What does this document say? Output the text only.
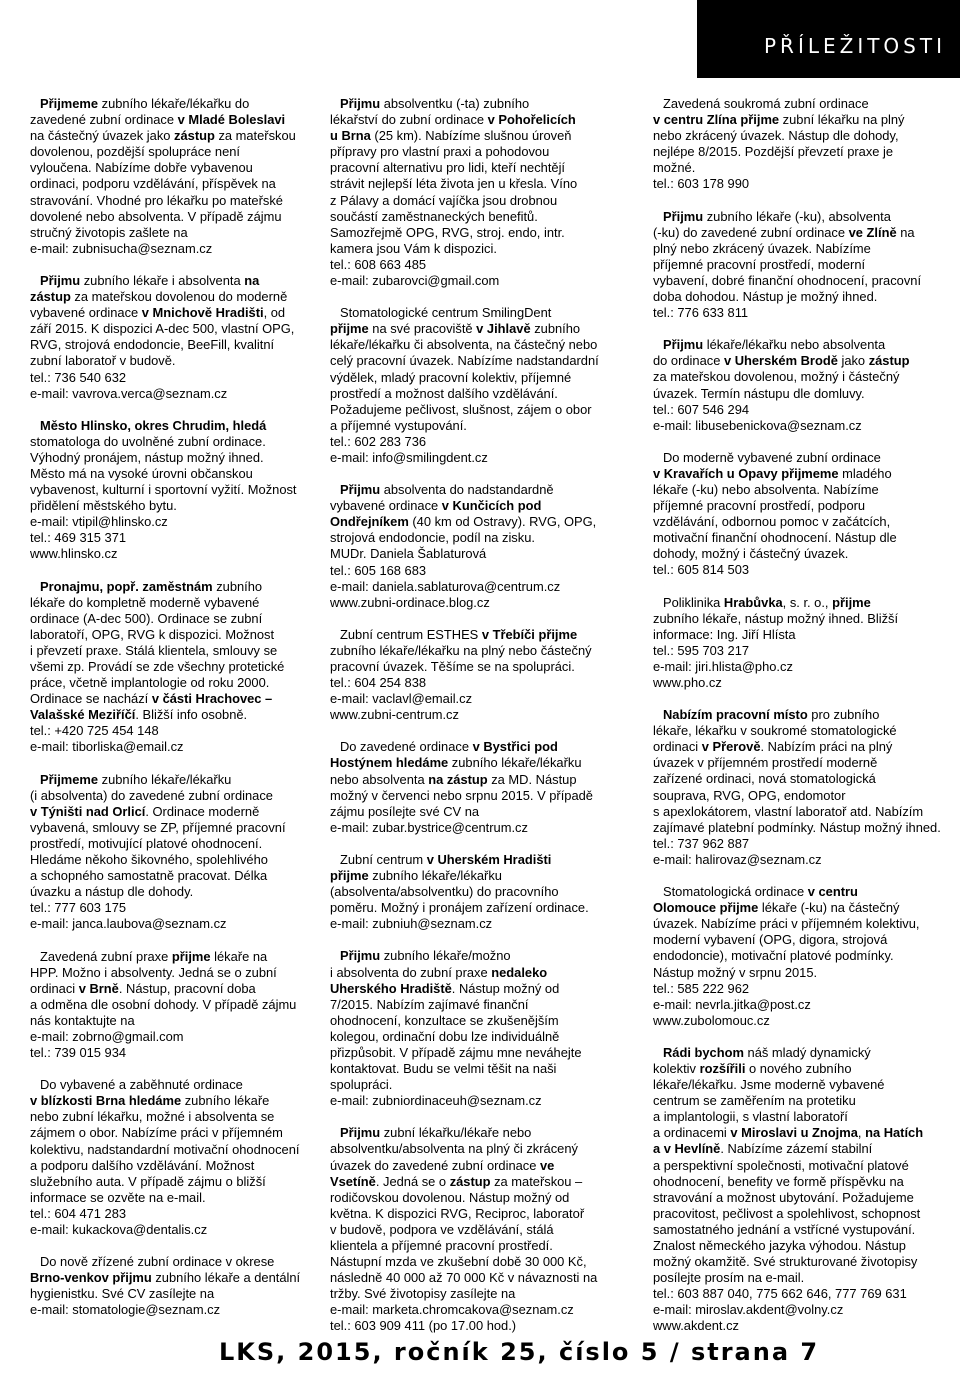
PŘÍLEŽITOSTI

Přijmeme zubního lékaře/lékařku do

zavedené zubní ordinace v Mladé Boleslavi

na částečný úvazek jako zástup za mateřskou

dovolenou, pozdější spolupráce není

vyloučena. Nabízíme dobře vybavenou

ordinaci, podporu vzdělávání, příspěvek na

stravování. Vhodné pro lékařku po mateřské

dovolené nebo absolventa. V případě zájmu

stručný životopis zašlete na

e-mail: zubnisucha@seznam.cz

Přijmu zubního lékaře i absolventa na

zástup za mateřskou dovolenou do moderně

vybavené ordinace v Mnichově Hradišti, od

září 2015. K dispozici A-dec 500, vlastní OPG,

RVG, strojová endodoncie, BeeFill, kvalitní

zubní laboratoř v budově.

tel.: 736 540 632

e-mail: vavrova.verca@seznam.cz

Město Hlinsko, okres Chrudim, hledá

stomatologa do uvolněné zubní ordinace.

Výhodný pronájem, nástup možný ihned.

Město má na vysoké úrovni občanskou

vybavenost, kulturní i sportovní vyžití. Možnost

přidělení městského bytu.

e-mail: vtipil@hlinsko.cz

tel.: 469 315 371

www.hlinsko.cz

Pronajmu, popř. zaměstnám zubního

lékaře do kompletně moderně vybavené

ordinace (A-dec 500). Ordinace se zubní

laboratoří, OPG, RVG k dispozici. Možnost

i převzetí praxe. Stálá klientela, smlouvy se

všemi zp. Provádí se zde všechny protetické

práce, včetně implantologie od roku 2000.

Ordinace se nachází v části Hrachovec –

Valašské Meziříčí. Bližší info osobně.

tel.: +420 725 454 148

e-mail: tiborliska@email.cz

Přijmeme zubního lékaře/lékařku

(i absolventa) do zavedené zubní ordinace

v Týništi nad Orlicí. Ordinace moderně

vybavená, smlouvy se ZP, příjemné pracovní

prostředí, motivující platové ohodnocení.

Hledáme někoho šikovného, spolehlivého

a schopného samostatně pracovat. Délka

úvazku a nástup dle dohody.

tel.: 777 603 175

e-mail: janca.laubova@seznam.cz

Zavedená zubní praxe přijme lékaře na

HPP. Možno i absolventy. Jedná se o zubní

ordinaci v Brně. Nástup, pracovní doba

a odměna dle osobní dohody. V případě zájmu

nás kontaktujte na

e-mail: zobrno@gmail.com

tel.: 739 015 934

Do vybavené a zaběhnuté ordinace

v blízkosti Brna hledáme zubního lékaře

nebo zubní lékařku, možné i absolventa se

zájmem o obor. Nabízíme práci v příjemném

kolektivu, nadstandardní motivační ohodnocení

a podporu dalšího vzdělávání. Možnost

služebního auta. V případě zájmu o bližší

informace se ozvěte na e-mail.

tel.: 604 471 283

e-mail: kukackova@dentalis.cz

Do nově zřízené zubní ordinace v okrese

Brno-venkov přijmu zubního lékaře a dentální

hygienistku. Své CV zasílejte na

e-mail: stomatologie@seznam.cz

Přijmu absolventku (-ta) zubního

lékařství do zubní ordinace v Pohořelicích

u Brna (25 km). Nabízíme slušnou úroveň

přípravy pro vlastní praxi a pohodovou

pracovní alternativu pro lidi, kteří nechtějí

strávit nejlepší léta života jen u křesla. Víno

z Pálavy a domácí vajíčka jsou drobnou

součástí zaměstnaneckých benefitů.

Samozřejmě OPG, RVG, stroj. endo, intr.

kamera jsou Vám k dispozici.

tel.: 608 663 485

e-mail: zubarovci@gmail.com

Stomatologické centrum SmilingDent

přijme na své pracoviště v Jihlavě zubního

lékaře/lékařku či absolventa, na částečný nebo

celý pracovní úvazek. Nabízíme nadstandardní

výdělek, mladý pracovní kolektiv, příjemné

prostředí a možnost dalšího vzdělávání.

Požadujeme pečlivost, slušnost, zájem o obor

a příjemné vystupování.

tel.: 602 283 736

e-mail: info@smilingdent.cz

Přijmu absolventa do nadstandardně

vybavené ordinace v Kunčicích pod

Ondřejníkem (40 km od Ostravy). RVG, OPG,

strojová endodoncie, podíl na zisku.

MUDr. Daniela Šablaturová

tel.: 605 168 683

e-mail: daniela.sablaturova@centrum.cz

www.zubni-ordinace.blog.cz

Zubní centrum ESTHES v Třebíči přijme

zubního lékaře/lékařku na plný nebo částečný

pracovní úvazek. Těšíme se na spolupráci.

tel.: 604 254 838

e-mail: vaclavl@email.cz

www.zubni-centrum.cz

Do zavedené ordinace v Bystřici pod

Hostýnem hledáme zubního lékaře/lékařku

nebo absolventa na zástup za MD. Nástup

možný v červenci nebo srpnu 2015. V případě

zájmu posílejte své CV na

e-mail: zubar.bystrice@centrum.cz

Zubní centrum v Uherském Hradišti

přijme zubního lékaře/lékařku

(absolventa/absolventku) do pracovního

poměru. Možný i pronájem zařízení ordinace.

e-mail: zubniuh@seznam.cz

Přijmu zubního lékaře/možno

i absolventa do zubní praxe nedaleko

Uherského Hradiště. Nástup možný od

7/2015. Nabízím zajímavé finanční

ohodnocení, konzultace se zkušenějším

kolegou, ordinační dobu lze individuálně

přizpůsobit. V případě zájmu mne neváhejte

kontaktovat. Budu se velmi těšit na naši

spolupráci.

e-mail: zubniordinaceuh@seznam.cz

Přijmu zubní lékařku/lékaře nebo

absolventku/absolventa na plný či zkrácený

úvazek do zavedené zubní ordinace ve

Vsetíně. Jedná se o zástup za mateřskou –

rodičovskou dovolenou. Nástup možný od

května. K dispozici RVG, Reciproc, laboratoř

v budově, podpora ve vzdělávání, stálá

klientela a příjemné pracovní prostředí.

Nástupní mzda ve zkušební době 30 000 Kč,

následně 40 000 až 70 000 Kč v návaznosti na

tržby. Své životopisy zasílejte na

e-mail: marketa.chromcakova@seznam.cz

tel.: 603 909 411 (po 17.00 hod.)

Zavedená soukromá zubní ordinace

v centru Zlína přijme zubní lékařku na plný

nebo zkrácený úvazek. Nástup dle dohody,

nejlépe 8/2015. Pozdější převzetí praxe je

možné.

tel.: 603 178 990

Přijmu zubního lékaře (-ku), absolventa

(-ku) do zavedené zubní ordinace ve Zlíně na

plný nebo zkrácený úvazek. Nabízíme

příjemné pracovní prostředí, moderní

vybavení, dobré finanční ohodnocení, pracovní

doba dohodou. Nástup je možný ihned.

tel.: 776 633 811

Přijmu lékaře/lékařku nebo absolventa

do ordinace v Uherském Brodě jako zástup

za mateřskou dovolenou, možný i částečný

úvazek. Termín nástupu dle domluvy.

tel.: 607 546 294

e-mail: libusebenickova@seznam.cz

Do moderně vybavené zubní ordinace

v Kravařích u Opavy přijmeme mladého

lékaře (-ku) nebo absolventa. Nabízíme

příjemné pracovní prostředí, podporu

vzdělávání, odbornou pomoc v začátcích,

motivační finanční ohodnocení. Nástup dle

dohody, možný i částečný úvazek.

tel.: 605 814 503

Poliklinika Hrabůvka, s. r. o., přijme

zubního lékaře, nástup možný ihned. Bližší

informace: Ing. Jiří Hlísta

tel.: 595 703 217

e-mail: jiri.hlista@pho.cz

www.pho.cz

Nabízím pracovní místo pro zubního

lékaře, lékařku v soukromé stomatologické

ordinaci v Přerově. Nabízím práci na plný

úvazek v příjemném prostředí moderně

zařízené ordinaci, nová stomatologická

souprava, RVG, OPG, endomotor

s apexlokátorem, vlastní laboratoř atd. Nabízím

zajímavé platební podmínky. Nástup možný ihned.

tel.: 737 962 887

e-mail: halirovaz@seznam.cz

Stomatologická ordinace v centru

Olomouce přijme lékaře (-ku) na částečný

úvazek. Nabízíme práci v příjemném kolektivu,

moderní vybavení (OPG, digora, strojová

endodoncie), motivační platové podmínky.

Nástup možný v srpnu 2015.

tel.: 585 222 962

e-mail: nevrla.jitka@post.cz

www.zubolomouc.cz

Rádi bychom náš mladý dynamický

kolektiv rozšířili o nového zubního

lékaře/lékařku. Jsme moderně vybavené

centrum se zaměřením na protetiku

a implantologii, s vlastní laboratoří

a ordinacemi v Miroslavi u Znojma, na Hatích

a v Hevlíně. Nabízíme zázemí stabilní

a perspektivní společnosti, motivační platové

ohodnocení, benefity ve formě příspěvku na

stravování a možnost ubytování. Požadujeme

pracovitost, pečlivost a spolehlivost, schopnost

samostatného jednání a vstřícné vystupování.

Znalost německého jazyka výhodou. Nástup

možný okamžitě. Své strukturované životopisy

posílejte prosím na e-mail.

tel.: 603 887 040, 775 662 646, 777 769 631

e-mail: miroslav.akdent@volny.cz

www.akdent.cz

LKS, 2015, ročník 25, číslo 5 / strana 7
